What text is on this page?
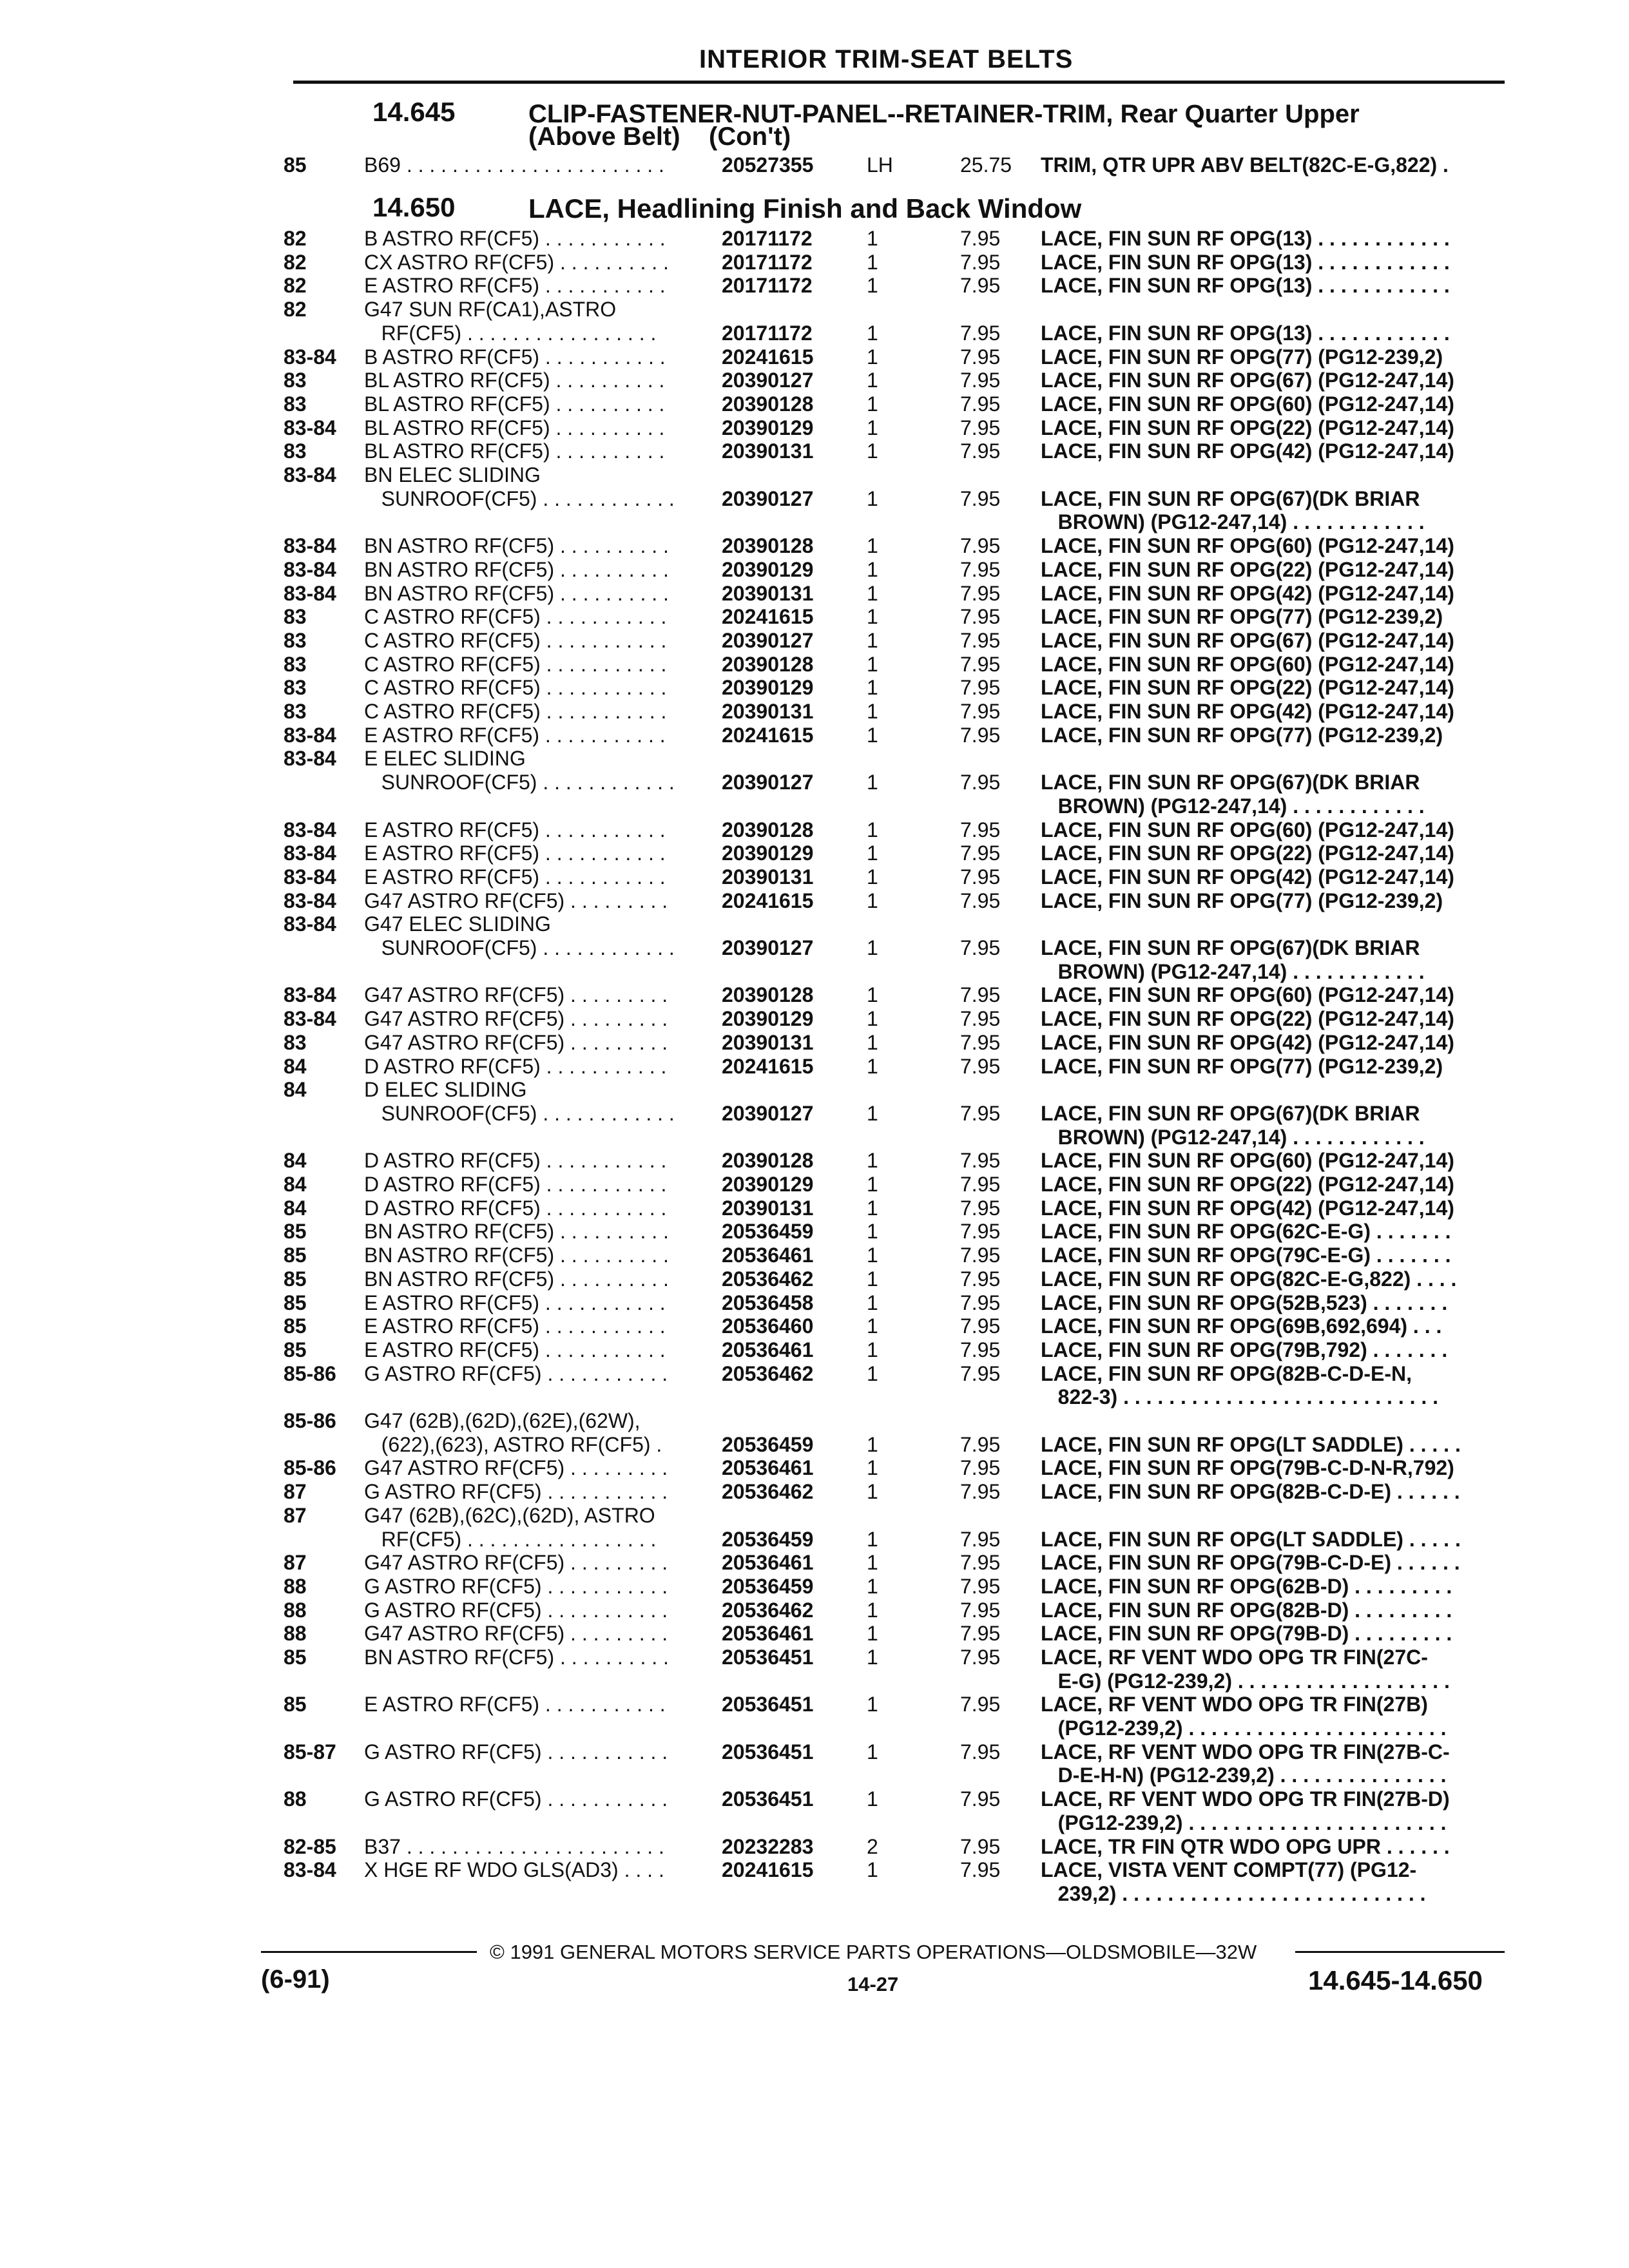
INTERIOR TRIM-SEAT BELTS
14.645	CLIP-FASTENER-NUT-PANEL--RETAINER-TRIM, Rear Quarter Upper
(Above Belt)    (Con't)
14.650	LACE, Headlining Finish and Back Window
85	B69 . . . . . . . . . . . . . . . . . . . . . . .	20527355	LH	25.75 TRIM, QTR UPR ABV BELT(82C-E-G,822) .
82	B ASTRO RF(CF5) . . . . . . . . . . .	20171172	1	7.95 LACE, FIN SUN RF OPG(13) . . . . . . . . . . . .
82	CX ASTRO RF(CF5) . . . . . . . . . .	20171172	1	7.95 LACE, FIN SUN RF OPG(13) . . . . . . . . . . . .
82	E ASTRO RF(CF5) . . . . . . . . . . .	20171172	1	7.95 LACE, FIN SUN RF OPG(13) . . . . . . . . . . . .
82	G47 SUN RF(CA1),ASTRO
RF(CF5) . . . . . . . . . . . . . . . . .	20171172	1	7.95 LACE, FIN SUN RF OPG(13) . . . . . . . . . . . .
83-84 B ASTRO RF(CF5) . . . . . . . . . . .	20241615	1	7.95 LACE, FIN SUN RF OPG(77) (PG12-239,2)
83	BL ASTRO RF(CF5) . . . . . . . . . .	20390127	1	7.95 LACE, FIN SUN RF OPG(67) (PG12-247,14)
83	BL ASTRO RF(CF5) . . . . . . . . . .	20390128	1	7.95 LACE, FIN SUN RF OPG(60) (PG12-247,14)
83-84 BL ASTRO RF(CF5) . . . . . . . . . .	20390129	1	7.95 LACE, FIN SUN RF OPG(22) (PG12-247,14)
83	BL ASTRO RF(CF5) . . . . . . . . . .	20390131	1	7.95 LACE, FIN SUN RF OPG(42) (PG12-247,14)
83-84 BN ELEC SLIDING
SUNROOF(CF5) . . . . . . . . . . . . 20390127	1	7.95 LACE, FIN SUN RF OPG(67)(DK BRIAR
BROWN) (PG12-247,14) . . . . . . . . . . . .
83-84 BN ASTRO RF(CF5) . . . . . . . . . .	20390128	1	7.95 LACE, FIN SUN RF OPG(60) (PG12-247,14)
83-84 BN ASTRO RF(CF5) . . . . . . . . . .	20390129	1	7.95 LACE, FIN SUN RF OPG(22) (PG12-247,14)
83-84 BN ASTRO RF(CF5) . . . . . . . . . .	20390131	1	7.95 LACE, FIN SUN RF OPG(42) (PG12-247,14)
83	C ASTRO RF(CF5) . . . . . . . . . . .	20241615	1	7.95 LACE, FIN SUN RF OPG(77) (PG12-239,2)
83	C ASTRO RF(CF5) . . . . . . . . . . .	20390127	1	7.95 LACE, FIN SUN RF OPG(67) (PG12-247,14)
83	C ASTRO RF(CF5) . . . . . . . . . . .	20390128	1	7.95 LACE, FIN SUN RF OPG(60) (PG12-247,14)
83	C ASTRO RF(CF5) . . . . . . . . . . .	20390129	1	7.95 LACE, FIN SUN RF OPG(22) (PG12-247,14)
83	C ASTRO RF(CF5) . . . . . . . . . . .	20390131	1	7.95 LACE, FIN SUN RF OPG(42) (PG12-247,14)
83-84 E ASTRO RF(CF5) . . . . . . . . . . .	20241615	1	7.95 LACE, FIN SUN RF OPG(77) (PG12-239,2)
83-84 E ELEC SLIDING
SUNROOF(CF5) . . . . . . . . . . . . 20390127	1	7.95 LACE, FIN SUN RF OPG(67)(DK BRIAR
BROWN) (PG12-247,14) . . . . . . . . . . . .
83-84 E ASTRO RF(CF5) . . . . . . . . . . .	20390128	1	7.95 LACE, FIN SUN RF OPG(60) (PG12-247,14)
83-84 E ASTRO RF(CF5) . . . . . . . . . . .	20390129	1	7.95 LACE, FIN SUN RF OPG(22) (PG12-247,14)
83-84 E ASTRO RF(CF5) . . . . . . . . . . .	20390131	1	7.95 LACE, FIN SUN RF OPG(42) (PG12-247,14)
83-84 G47 ASTRO RF(CF5) . . . . . . . . .	20241615	1	7.95 LACE, FIN SUN RF OPG(77) (PG12-239,2)
83-84 G47 ELEC SLIDING
SUNROOF(CF5) . . . . . . . . . . . . 20390127	1	7.95 LACE, FIN SUN RF OPG(67)(DK BRIAR
BROWN) (PG12-247,14) . . . . . . . . . . . .
83-84 G47 ASTRO RF(CF5) . . . . . . . . .	20390128	1	7.95 LACE, FIN SUN RF OPG(60) (PG12-247,14)
83-84 G47 ASTRO RF(CF5) . . . . . . . . .	20390129	1	7.95 LACE, FIN SUN RF OPG(22) (PG12-247,14)
83	G47 ASTRO RF(CF5) . . . . . . . . .	20390131	1	7.95 LACE, FIN SUN RF OPG(42) (PG12-247,14)
84	D ASTRO RF(CF5) . . . . . . . . . . .	20241615	1	7.95 LACE, FIN SUN RF OPG(77) (PG12-239,2)
84	D ELEC SLIDING
SUNROOF(CF5) . . . . . . . . . . . . 20390127	1	7.95 LACE, FIN SUN RF OPG(67)(DK BRIAR
BROWN) (PG12-247,14) . . . . . . . . . . . .
84	D ASTRO RF(CF5) . . . . . . . . . . .	20390128	1	7.95 LACE, FIN SUN RF OPG(60) (PG12-247,14)
84	D ASTRO RF(CF5) . . . . . . . . . . .	20390129	1	7.95 LACE, FIN SUN RF OPG(22) (PG12-247,14)
84	D ASTRO RF(CF5) . . . . . . . . . . .	20390131	1	7.95 LACE, FIN SUN RF OPG(42) (PG12-247,14)
85	BN ASTRO RF(CF5) . . . . . . . . . .	20536459	1	7.95 LACE, FIN SUN RF OPG(62C-E-G) . . . . . . .
85	BN ASTRO RF(CF5) . . . . . . . . . .	20536461	1	7.95 LACE, FIN SUN RF OPG(79C-E-G) . . . . . . .
85	BN ASTRO RF(CF5) . . . . . . . . . .	20536462	1	7.95 LACE, FIN SUN RF OPG(82C-E-G,822) . . . .
85	E ASTRO RF(CF5) . . . . . . . . . . .	20536458	1	7.95 LACE, FIN SUN RF OPG(52B,523) . . . . . . .
85	E ASTRO RF(CF5) . . . . . . . . . . .	20536460	1	7.95 LACE, FIN SUN RF OPG(69B,692,694) . . .
85	E ASTRO RF(CF5) . . . . . . . . . . .	20536461	1	7.95 LACE, FIN SUN RF OPG(79B,792) . . . . . . .
85-86 G ASTRO RF(CF5) . . . . . . . . . . .	20536462	1	7.95 LACE, FIN SUN RF OPG(82B-C-D-E-N,
822-3) . . . . . . . . . . . . . . . . . . . . . . . . . . . .
85-86 G47 (62B),(62D),(62E),(62W),
(622),(623), ASTRO RF(CF5) .	20536459	1	7.95 LACE, FIN SUN RF OPG(LT SADDLE) . . . . .
85-86 G47 ASTRO RF(CF5) . . . . . . . . .	20536461	1	7.95 LACE, FIN SUN RF OPG(79B-C-D-N-R,792)
87	G ASTRO RF(CF5) . . . . . . . . . . .	20536462	1	7.95 LACE, FIN SUN RF OPG(82B-C-D-E) . . . . . .
87	G47 (62B),(62C),(62D), ASTRO
RF(CF5) . . . . . . . . . . . . . . . . .	20536459	1	7.95 LACE, FIN SUN RF OPG(LT SADDLE) . . . . .
87	G47 ASTRO RF(CF5) . . . . . . . . .	20536461	1	7.95 LACE, FIN SUN RF OPG(79B-C-D-E) . . . . . .
88	G ASTRO RF(CF5) . . . . . . . . . . .	20536459	1	7.95 LACE, FIN SUN RF OPG(62B-D) . . . . . . . . .
88	G ASTRO RF(CF5) . . . . . . . . . . .	20536462	1	7.95 LACE, FIN SUN RF OPG(82B-D) . . . . . . . . .
88	G47 ASTRO RF(CF5) . . . . . . . . .	20536461	1	7.95 LACE, FIN SUN RF OPG(79B-D) . . . . . . . . .
85	BN ASTRO RF(CF5) . . . . . . . . . .	20536451	1	7.95 LACE, RF VENT WDO OPG TR FIN(27C-
E-G) (PG12-239,2) . . . . . . . . . . . . . . . . . . .
85	E ASTRO RF(CF5) . . . . . . . . . . .	20536451	1	7.95 LACE, RF VENT WDO OPG TR FIN(27B)
(PG12-239,2) . . . . . . . . . . . . . . . . . . . . . . .
85-87 G ASTRO RF(CF5) . . . . . . . . . . .	20536451	1	7.95 LACE, RF VENT WDO OPG TR FIN(27B-C-
D-E-H-N) (PG12-239,2) . . . . . . . . . . . . . . .
88	G ASTRO RF(CF5) . . . . . . . . . . .	20536451	1	7.95 LACE, RF VENT WDO OPG TR FIN(27B-D)
(PG12-239,2) . . . . . . . . . . . . . . . . . . . . . . .
82-85 B37 . . . . . . . . . . . . . . . . . . . . . . .	20232283	2	7.95 LACE, TR FIN QTR WDO OPG UPR . . . . . .
83-84 X HGE RF WDO GLS(AD3) . . . .	20241615	1	7.95 LACE, VISTA VENT COMPT(77) (PG12-
239,2) . . . . . . . . . . . . . . . . . . . . . . . . . . .
© 1991 GENERAL MOTORS SERVICE PARTS OPERATIONS—OLDSMOBILE—32W
(6-91)	14-27	14.645-14.650
